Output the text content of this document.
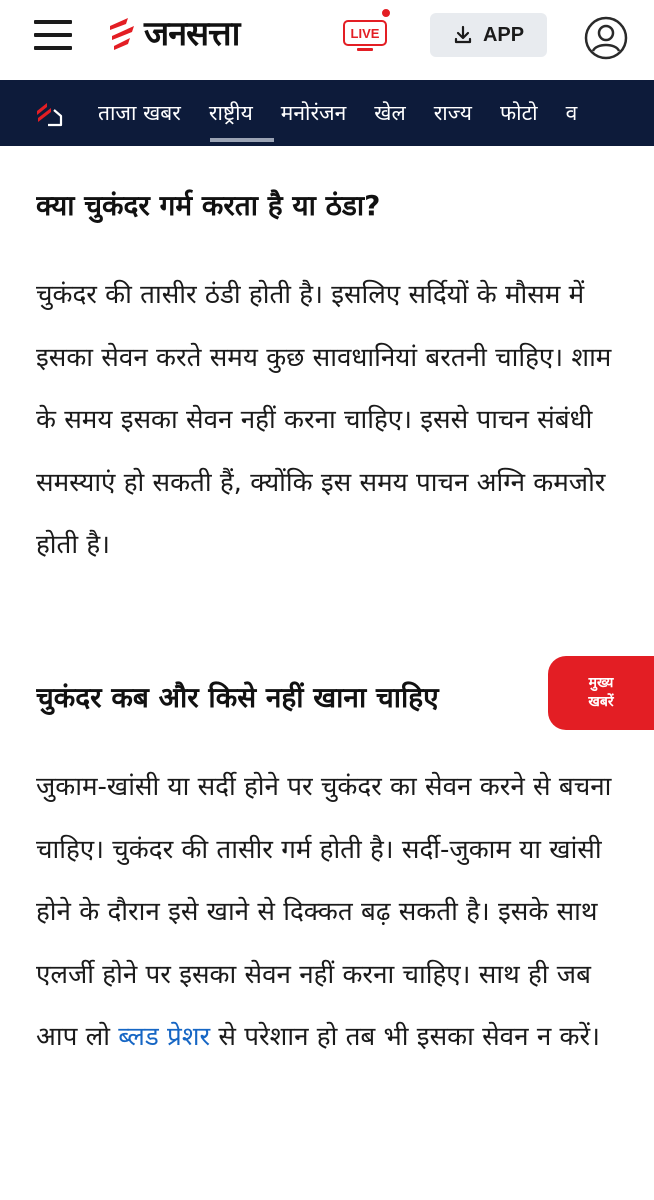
जनसत्ता	LIVE	APP
ताजा खबर राष्ट्रीय मनोरंजन खेल राज्य फोटो व
क्या चुकंदर गर्म करता है या ठंडा?

चुकंदर की तासीर ठंडी होती है। इसलिए सर्दियों के मौसम में इसका सेवन करते समय कुछ सावधानियां बरतनी चाहिए। शाम के समय इसका सेवन नहीं करना चाहिए। इससे पाचन संबंधी समस्याएं हो सकती हैं, क्योंकि इस समय पाचन अग्नि कमजोर होती है।

चुकंदर कब और किसे नहीं खाना चाहिए

जुकाम-खांसी या सर्दी होने पर चुकंदर का सेवन करने से बचना चाहिए। चुकंदर की तासीर गर्म होती है। सर्दी-जुकाम या खांसी होने के दौरान इसे खाने से दिक्कत बढ़ सकती है। इसके साथ एलर्जी होने पर इसका सेवन नहीं करना चाहिए। साथ ही जब आप लो ब्लड प्रेशर से परेशान हो तब भी इसका सेवन न करें।

मुख्य
खबरें
